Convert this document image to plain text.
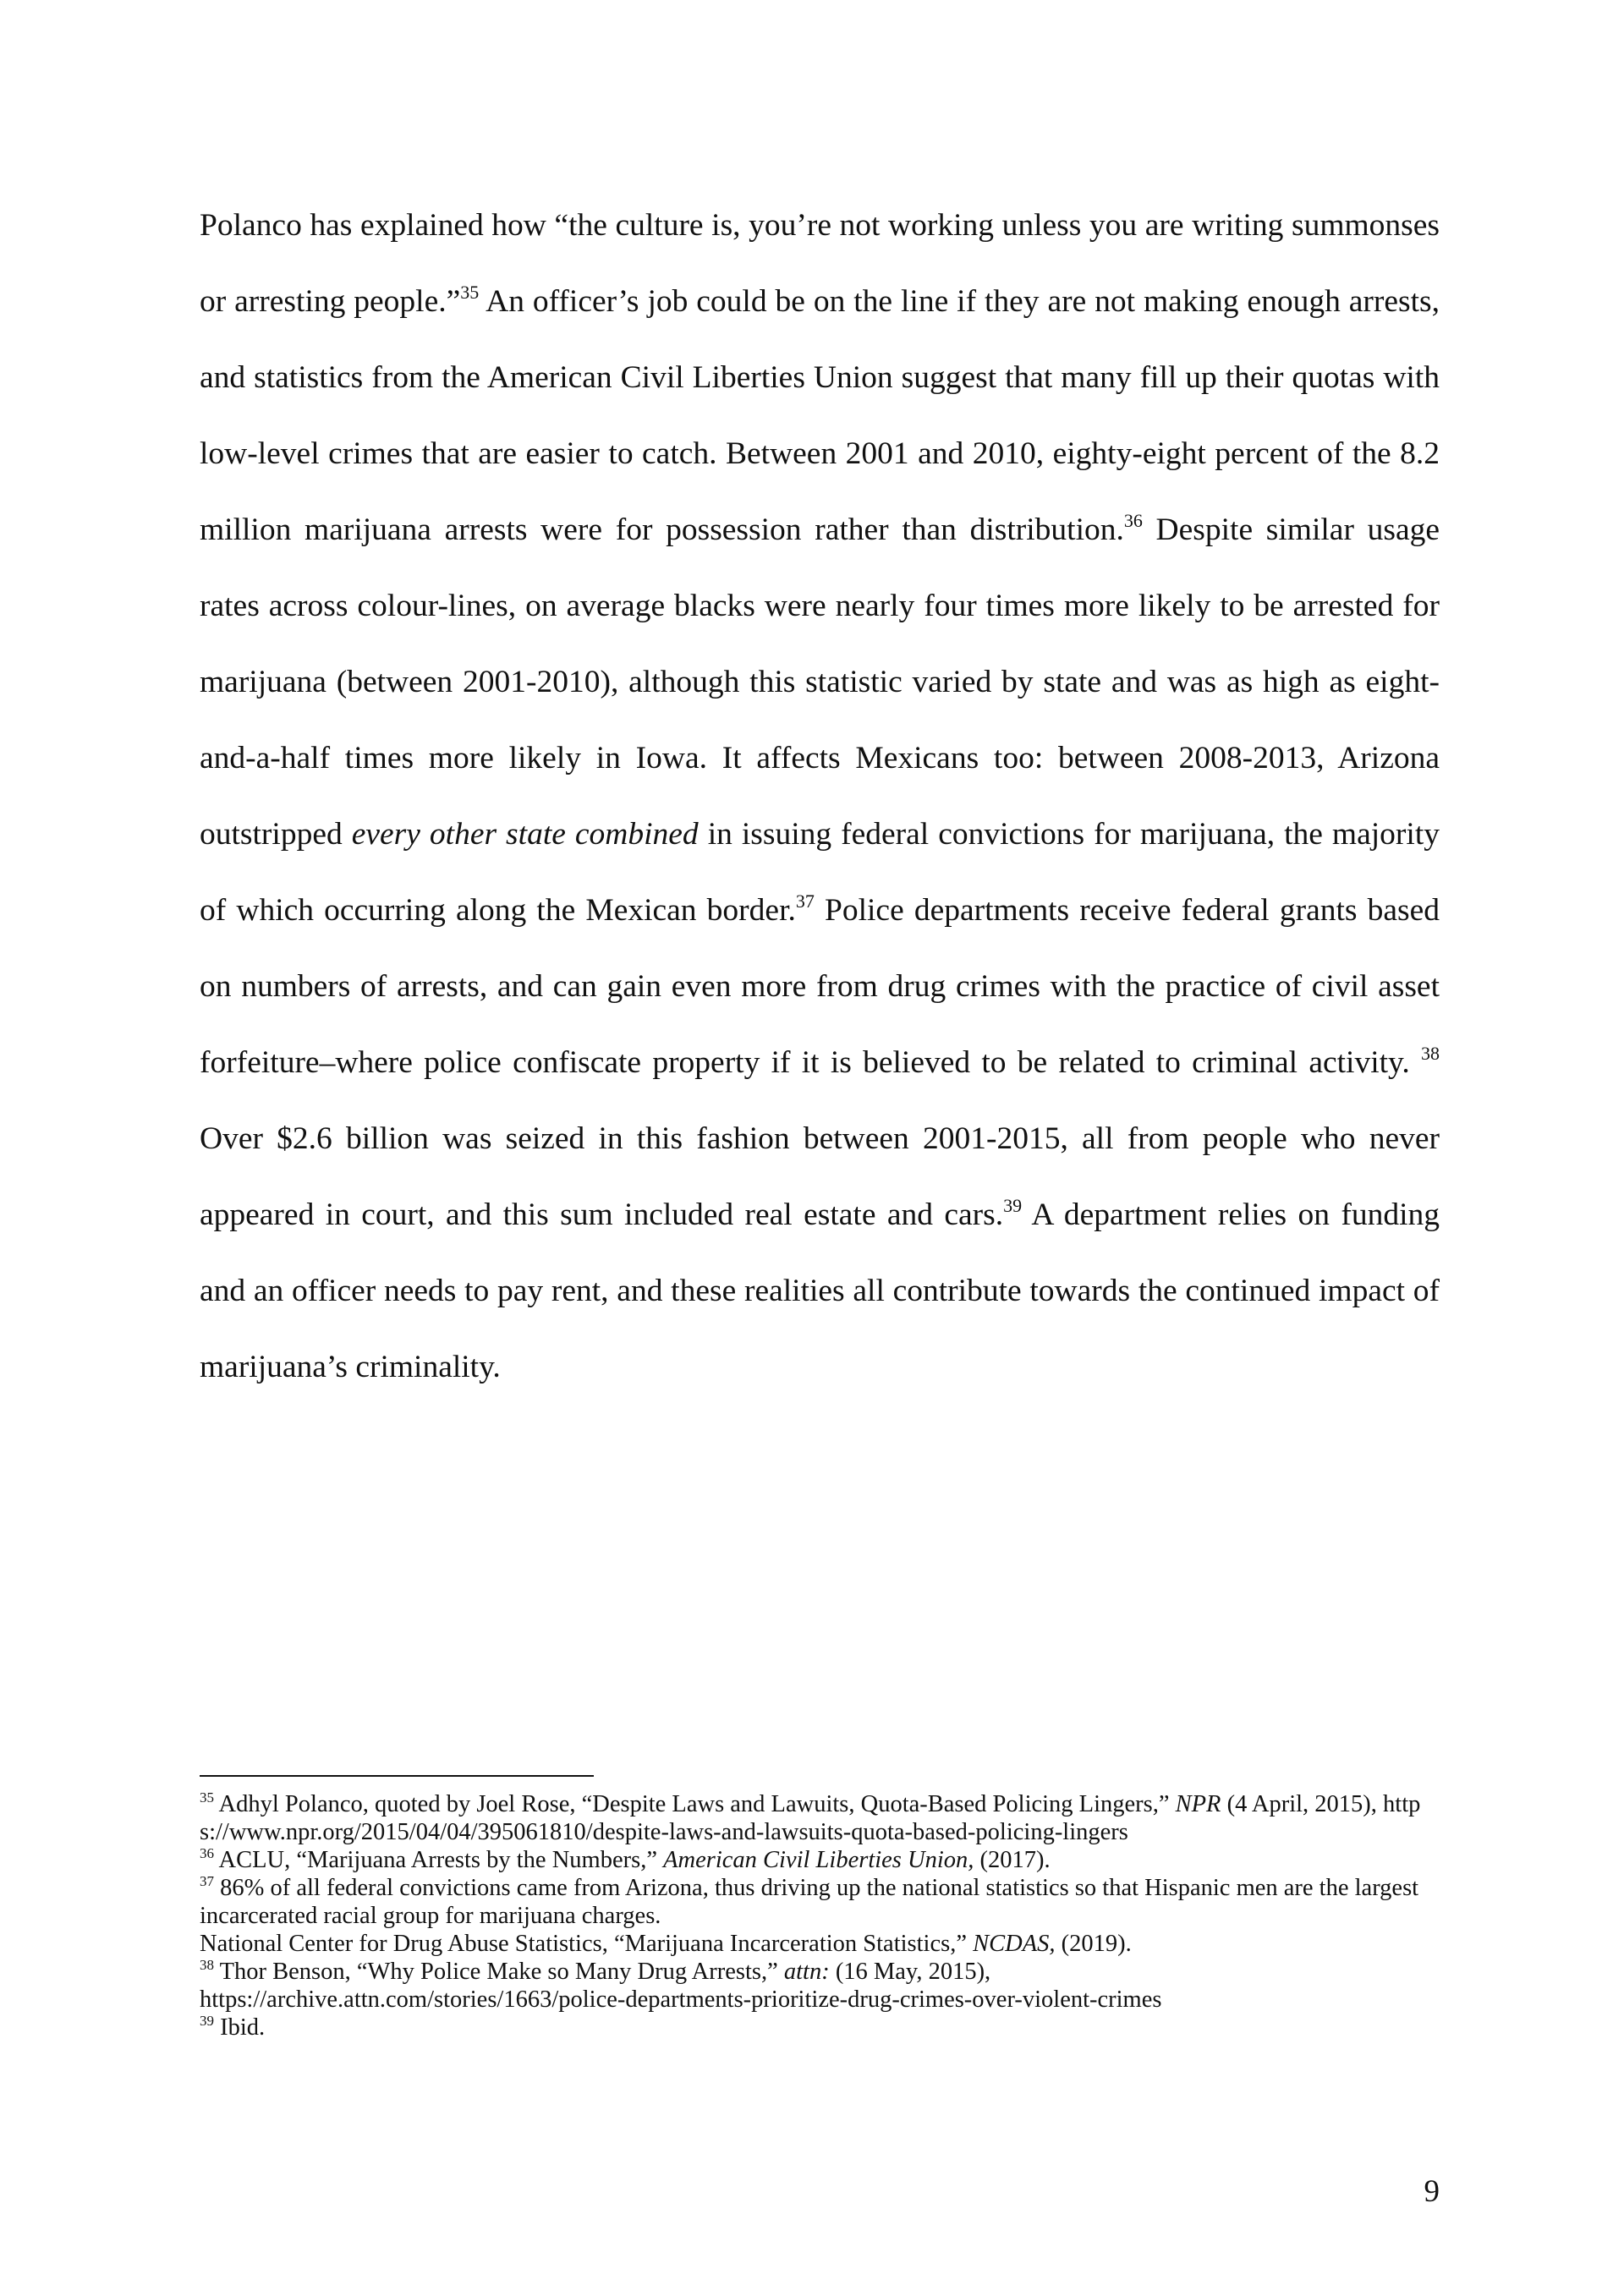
Polanco has explained how “the culture is, you’re not working unless you are writing summonses or arresting people.”$^{35}$ An officer’s job could be on the line if they are not making enough arrests, and statistics from the American Civil Liberties Union suggest that many fill up their quotas with low-level crimes that are easier to catch. Between 2001 and 2010, eighty-eight percent of the 8.2 million marijuana arrests were for possession rather than distribution.$^{36}$ Despite similar usage rates across colour-lines, on average blacks were nearly four times more likely to be arrested for marijuana (between 2001-2010), although this statistic varied by state and was as high as eight-and-a-half times more likely in Iowa. It affects Mexicans too: between 2008-2013, Arizona outstripped every other state combined in issuing federal convictions for marijuana, the majority of which occurring along the Mexican border.$^{37}$ Police departments receive federal grants based on numbers of arrests, and can gain even more from drug crimes with the practice of civil asset forfeiture–where police confiscate property if it is believed to be related to criminal activity. $^{38}$ Over $2.6 billion was seized in this fashion between 2001-2015, all from people who never appeared in court, and this sum included real estate and cars.$^{39}$ A department relies on funding and an officer needs to pay rent, and these realities all contribute towards the continued impact of marijuana’s criminality.

$^{35}$ Adhyl Polanco, quoted by Joel Rose, “Despite Laws and Lawuits, Quota-Based Policing Lingers,” NPR (4 April, 2015), https://www.npr.org/2015/04/04/395061810/despite-laws-and-lawsuits-quota-based-policing-lingers

$^{36}$ ACLU, “Marijuana Arrests by the Numbers,” American Civil Liberties Union, (2017).

$^{37}$ 86% of all federal convictions came from Arizona, thus driving up the national statistics so that Hispanic men are the largest incarcerated racial group for marijuana charges.

National Center for Drug Abuse Statistics, “Marijuana Incarceration Statistics,” NCDAS, (2019).

$^{38}$ Thor Benson, “Why Police Make so Many Drug Arrests,” attn: (16 May, 2015),

https://archive.attn.com/stories/1663/police-departments-prioritize-drug-crimes-over-violent-crimes

$^{39}$ Ibid.

9
